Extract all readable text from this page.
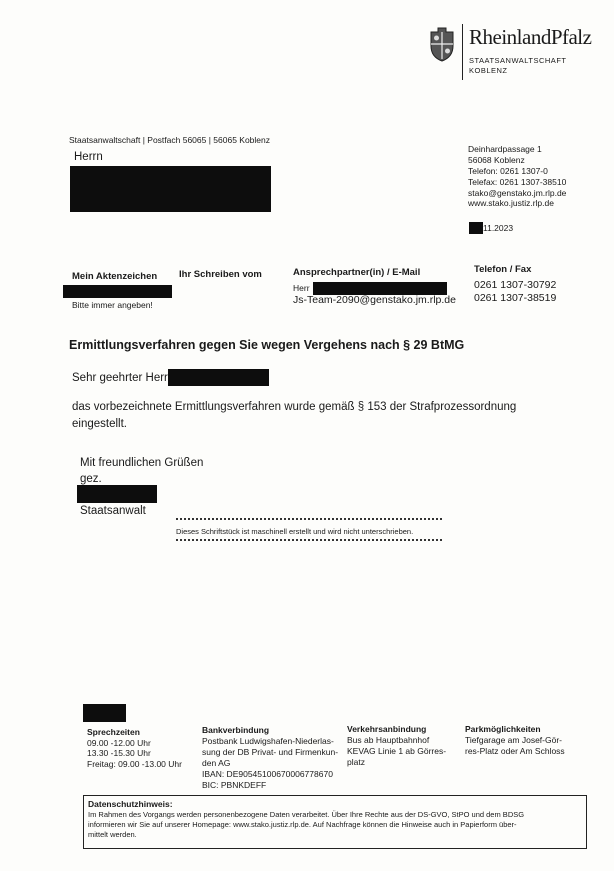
RheinlandPfalz
STAATSANWALTSCHAFT
KOBLENZ
Staatsanwaltschaft | Postfach 56065 | 56065 Koblenz
Herrn
Deinhardpassage 1
56068 Koblenz
Telefon: 0261 1307-0
Telefax: 0261 1307-38510
stako@genstako.jm.rlp.de
www.stako.justiz.rlp.de
11.2023
Mein Aktenzeichen
Bitte immer angeben!
Ihr Schreiben vom	Ansprechpartner(in) / E-Mail
Herr
Js-Team-2090@genstako.jm.rlp.de
Telefon / Fax
0261 1307-30792
0261 1307-38519
Ermittlungsverfahren gegen Sie wegen Vergehens nach § 29 BtMG
Sehr geehrter Herr
das vorbezeichnete Ermittlungsverfahren wurde gemäß § 153 der Strafprozessordnung
eingestellt.
Mit freundlichen Grüßen
gez.
Staatsanwalt
Dieses Schriftstück ist maschinell erstellt und wird nicht unterschrieben.
Sprechzeiten
09.00 -12.00 Uhr
13.30 -15.30 Uhr
Freitag: 09.00 -13.00 Uhr
Bankverbindung
Postbank Ludwigshafen-Niederlas-
sung der DB Privat- und Firmenkun-
den AG
IBAN: DE90545100670006778670
BIC: PBNKDEFF
Verkehrsanbindung
Bus ab Hauptbahnhof
KEVAG Linie 1 ab Görres-
platz
Parkmöglichkeiten
Tiefgarage am Josef-Gör-
res-Platz oder Am Schloss
Datenschutzhinweis:
Im Rahmen des Vorgangs werden personenbezogene Daten verarbeitet. Über Ihre Rechte aus der DS-GVO, StPO und dem BDSG
informieren wir Sie auf unserer Homepage: www.stako.justiz.rlp.de. Auf Nachfrage können die Hinweise auch in Papierform über-
mittelt werden.
